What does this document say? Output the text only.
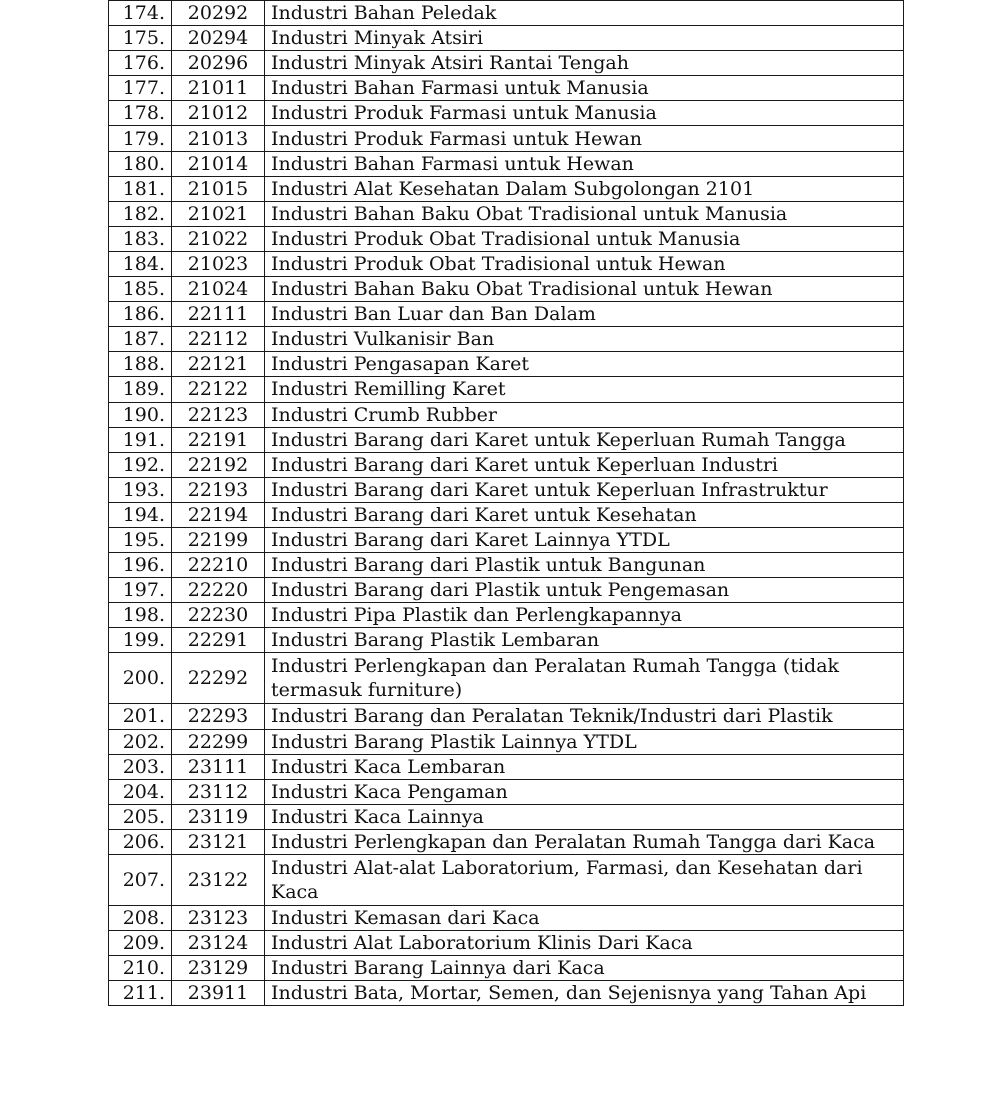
174.	20292	Industri Bahan Peledak
175.	20294	Industri Minyak Atsiri
176.	20296	Industri Minyak Atsiri Rantai Tengah
177.	21011	Industri Bahan Farmasi untuk Manusia
178.	21012	Industri Produk Farmasi untuk Manusia
179.	21013	Industri Produk Farmasi untuk Hewan
180.	21014	Industri Bahan Farmasi untuk Hewan
181.	21015	Industri Alat Kesehatan Dalam Subgolongan 2101
182.	21021	Industri Bahan Baku Obat Tradisional untuk Manusia
183.	21022	Industri Produk Obat Tradisional untuk Manusia
184.	21023	Industri Produk Obat Tradisional untuk Hewan
185.	21024	Industri Bahan Baku Obat Tradisional untuk Hewan
186.	22111	Industri Ban Luar dan Ban Dalam
187.	22112	Industri Vulkanisir Ban
188.	22121	Industri Pengasapan Karet
189.	22122	Industri Remilling Karet
190.	22123	Industri Crumb Rubber
191.	22191	Industri Barang dari Karet untuk Keperluan Rumah Tangga
192.	22192	Industri Barang dari Karet untuk Keperluan Industri
193.	22193	Industri Barang dari Karet untuk Keperluan Infrastruktur
194.	22194	Industri Barang dari Karet untuk Kesehatan
195.	22199	Industri Barang dari Karet Lainnya YTDL
196.	22210	Industri Barang dari Plastik untuk Bangunan
197.	22220	Industri Barang dari Plastik untuk Pengemasan
198.	22230	Industri Pipa Plastik dan Perlengkapannya
199.	22291	Industri Barang Plastik Lembaran
200.	22292	Industri Perlengkapan dan Peralatan Rumah Tangga (tidak termasuk furniture)
201.	22293	Industri Barang dan Peralatan Teknik/Industri dari Plastik
202.	22299	Industri Barang Plastik Lainnya YTDL
203.	23111	Industri Kaca Lembaran
204.	23112	Industri Kaca Pengaman
205.	23119	Industri Kaca Lainnya
206.	23121	Industri Perlengkapan dan Peralatan Rumah Tangga dari Kaca
207.	23122	Industri Alat-alat Laboratorium, Farmasi, dan Kesehatan dari Kaca
208.	23123	Industri Kemasan dari Kaca
209.	23124	Industri Alat Laboratorium Klinis Dari Kaca
210.	23129	Industri Barang Lainnya dari Kaca
211.	23911	Industri Bata, Mortar, Semen, dan Sejenisnya yang Tahan Api
